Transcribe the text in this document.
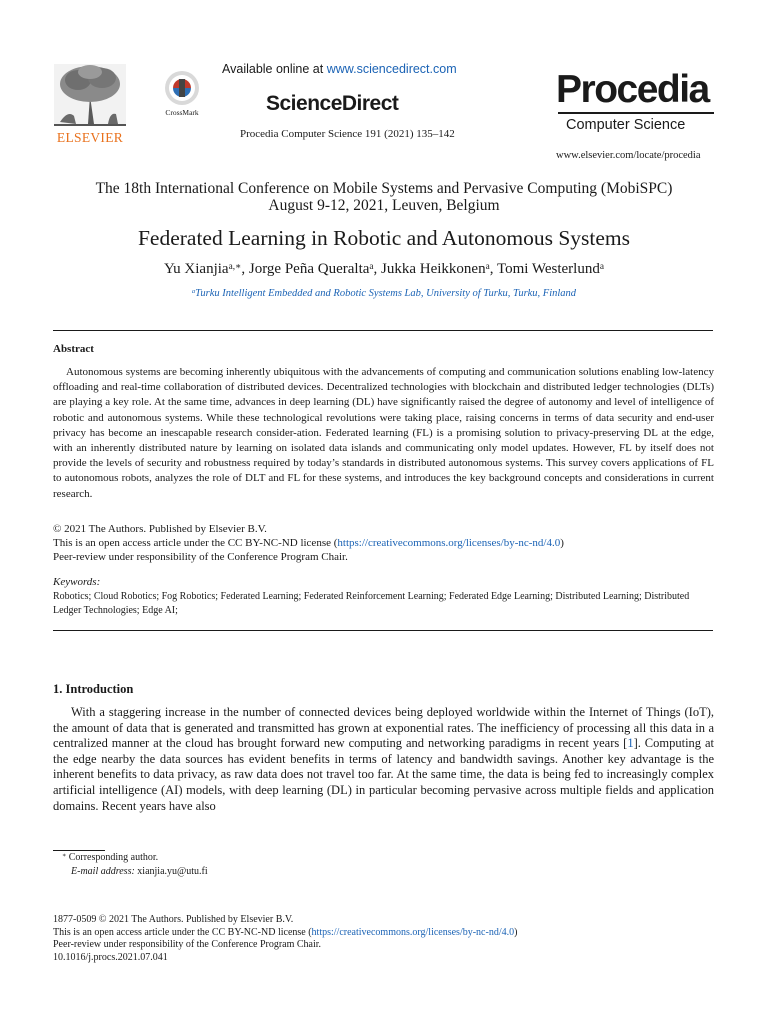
ELSEVIER
CrossMark
Available online at www.sciencedirect.com
ScienceDirect
Procedia Computer Science 191 (2021) 135–142
Procedia
Computer Science
www.elsevier.com/locate/procedia
The 18th International Conference on Mobile Systems and Pervasive Computing (MobiSPC)
August 9-12, 2021, Leuven, Belgium
Federated Learning in Robotic and Autonomous Systems
Yu Xianjia$^{a,∗}$, Jorge Peña Queralta$^a$, Jukka Heikkonen$^a$, Tomi Westerlund$^a$
$^a$Turku Intelligent Embedded and Robotic Systems Lab, University of Turku, Turku, Finland
Abstract

Autonomous systems are becoming inherently ubiquitous with the advancements of computing and communication solutions enabling low-latency offloading and real-time collaboration of distributed devices. Decentralized technologies with blockchain and distributed ledger technologies (DLTs) are playing a key role. At the same time, advances in deep learning (DL) have significantly raised the degree of autonomy and level of intelligence of robotic and autonomous systems. While these technological revolutions were taking place, raising concerns in terms of data security and end-user privacy has become an inescapable research consider-ation. Federated learning (FL) is a promising solution to privacy-preserving DL at the edge, with an inherently distributed nature by learning on isolated data islands and communicating only model updates. However, FL by itself does not provide the levels of security and robustness required by today’s standards in distributed autonomous systems. This survey covers applications of FL to autonomous robots, analyzes the role of DLT and FL for these systems, and introduces the key background concepts and considerations in current research.

© 2021 The Authors. Published by Elsevier B.V.
This is an open access article under the CC BY-NC-ND license (https://creativecommons.org/licenses/by-nc-nd/4.0)
Peer-review under responsibility of the Conference Program Chair.
Keywords:

Robotics; Cloud Robotics; Fog Robotics; Federated Learning; Federated Reinforcement Learning; Federated Edge Learning; Distributed Learning; Distributed Ledger Technologies; Edge AI;

1. Introduction

With a staggering increase in the number of connected devices being deployed worldwide within the Internet of Things (IoT), the amount of data that is generated and transmitted has grown at exponential rates. The inefficiency of processing all this data in a centralized manner at the cloud has brought forward new computing and networking paradigms in recent years [1]. Computing at the edge nearby the data sources has evident benefits in terms of latency and bandwidth savings. Another key advantage is the inherent benefits to data privacy, as raw data does not travel too far. At the same time, the data is being fed to increasingly complex artificial intelligence (AI) models, with deep learning (DL) in particular becoming pervasive across multiple fields and application domains. Recent years have also

∗ Corresponding author.
E-mail address: xianjia.yu@utu.fi
1877-0509 © 2021 The Authors. Published by Elsevier B.V.
This is an open access article under the CC BY-NC-ND license (https://creativecommons.org/licenses/by-nc-nd/4.0)
Peer-review under responsibility of the Conference Program Chair.
10.1016/j.procs.2021.07.041
